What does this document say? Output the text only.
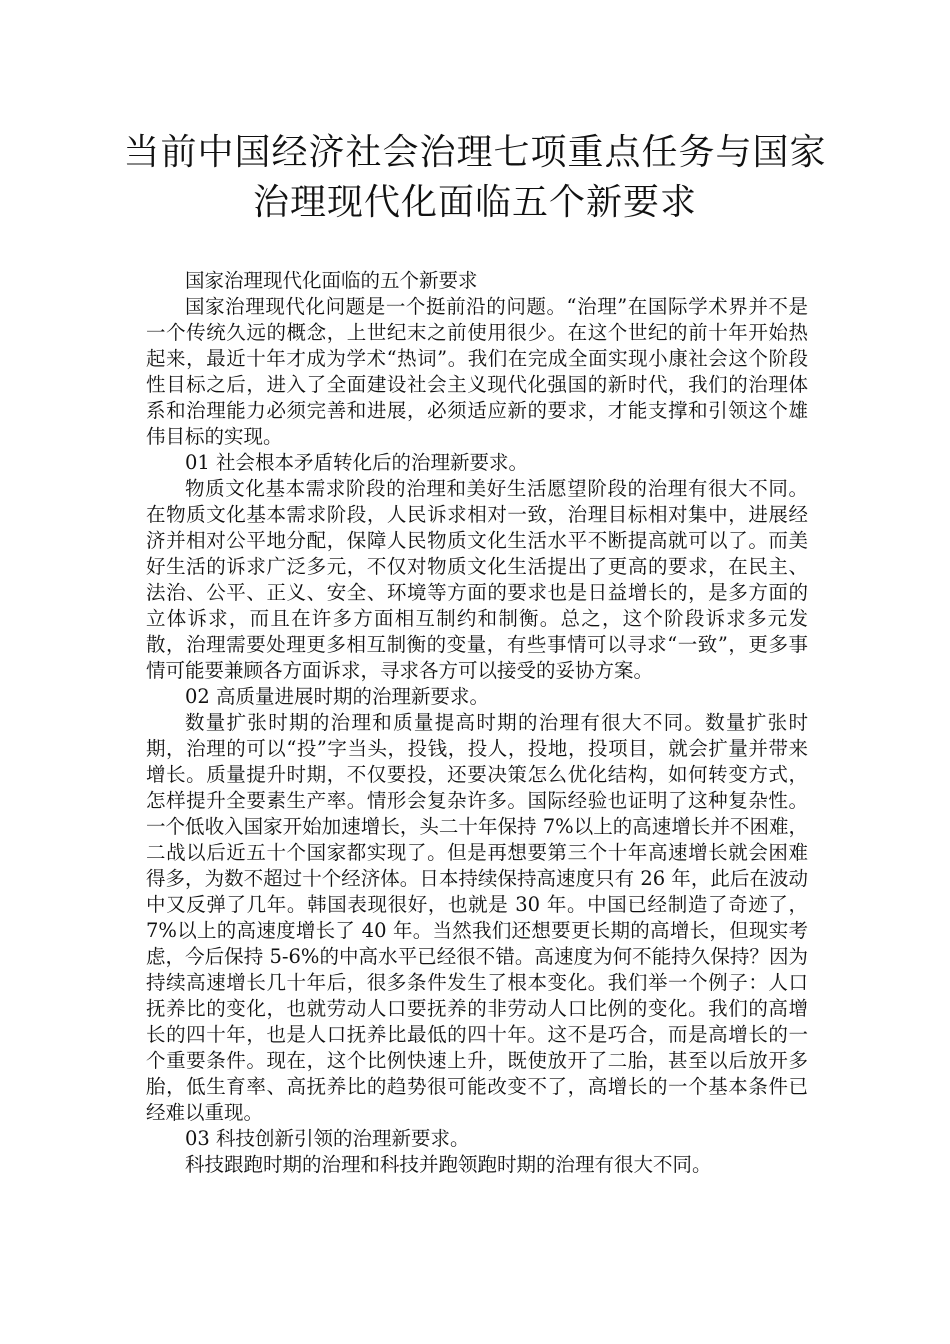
当前中国经济社会治理七项重点任务与国家治理现代化面临五个新要求

国家治理现代化面临的五个新要求

国家治理现代化问题是一个挺前沿的问题。“治理”在国际学术界并不是一个传统久远的概念，上世纪末之前使用很少。在这个世纪的前十年开始热起来，最近十年才成为学术“热词”。我们在完成全面实现小康社会这个阶段性目标之后，进入了全面建设社会主义现代化强国的新时代，我们的治理体系和治理能力必须完善和进展，必须适应新的要求，才能支撑和引领这个雄伟目标的实现。

01 社会根本矛盾转化后的治理新要求。

物质文化基本需求阶段的治理和美好生活愿望阶段的治理有很大不同。在物质文化基本需求阶段，人民诉求相对一致，治理目标相对集中，进展经济并相对公平地分配，保障人民物质文化生活水平不断提高就可以了。而美好生活的诉求广泛多元，不仅对物质文化生活提出了更高的要求，在民主、法治、公平、正义、安全、环境等方面的要求也是日益增长的，是多方面的立体诉求，而且在许多方面相互制约和制衡。总之，这个阶段诉求多元发散，治理需要处理更多相互制衡的变量，有些事情可以寻求“一致”，更多事情可能要兼顾各方面诉求，寻求各方可以接受的妥协方案。

02 高质量进展时期的治理新要求。

数量扩张时期的治理和质量提高时期的治理有很大不同。数量扩张时期，治理的可以“投”字当头，投钱，投人，投地，投项目，就会扩量并带来增长。质量提升时期，不仅要投，还要决策怎么优化结构，如何转变方式，怎样提升全要素生产率。情形会复杂许多。国际经验也证明了这种复杂性。一个低收入国家开始加速增长，头二十年保持 7%以上的高速增长并不困难，二战以后近五十个国家都实现了。但是再想要第三个十年高速增长就会困难得多，为数不超过十个经济体。日本持续保持高速度只有 26 年，此后在波动中又反弹了几年。韩国表现很好，也就是 30 年。中国已经制造了奇迹了，7%以上的高速度增长了 40 年。当然我们还想要更长期的高增长，但现实考虑，今后保持 5-6%的中高水平已经很不错。高速度为何不能持久保持？因为持续高速增长几十年后，很多条件发生了根本变化。我们举一个例子：人口抚养比的变化，也就劳动人口要抚养的非劳动人口比例的变化。我们的高增长的四十年，也是人口抚养比最低的四十年。这不是巧合，而是高增长的一个重要条件。现在，这个比例快速上升，既使放开了二胎，甚至以后放开多胎，低生育率、高抚养比的趋势很可能改变不了，高增长的一个基本条件已经难以重现。

03 科技创新引领的治理新要求。

科技跟跑时期的治理和科技并跑领跑时期的治理有很大不同。
